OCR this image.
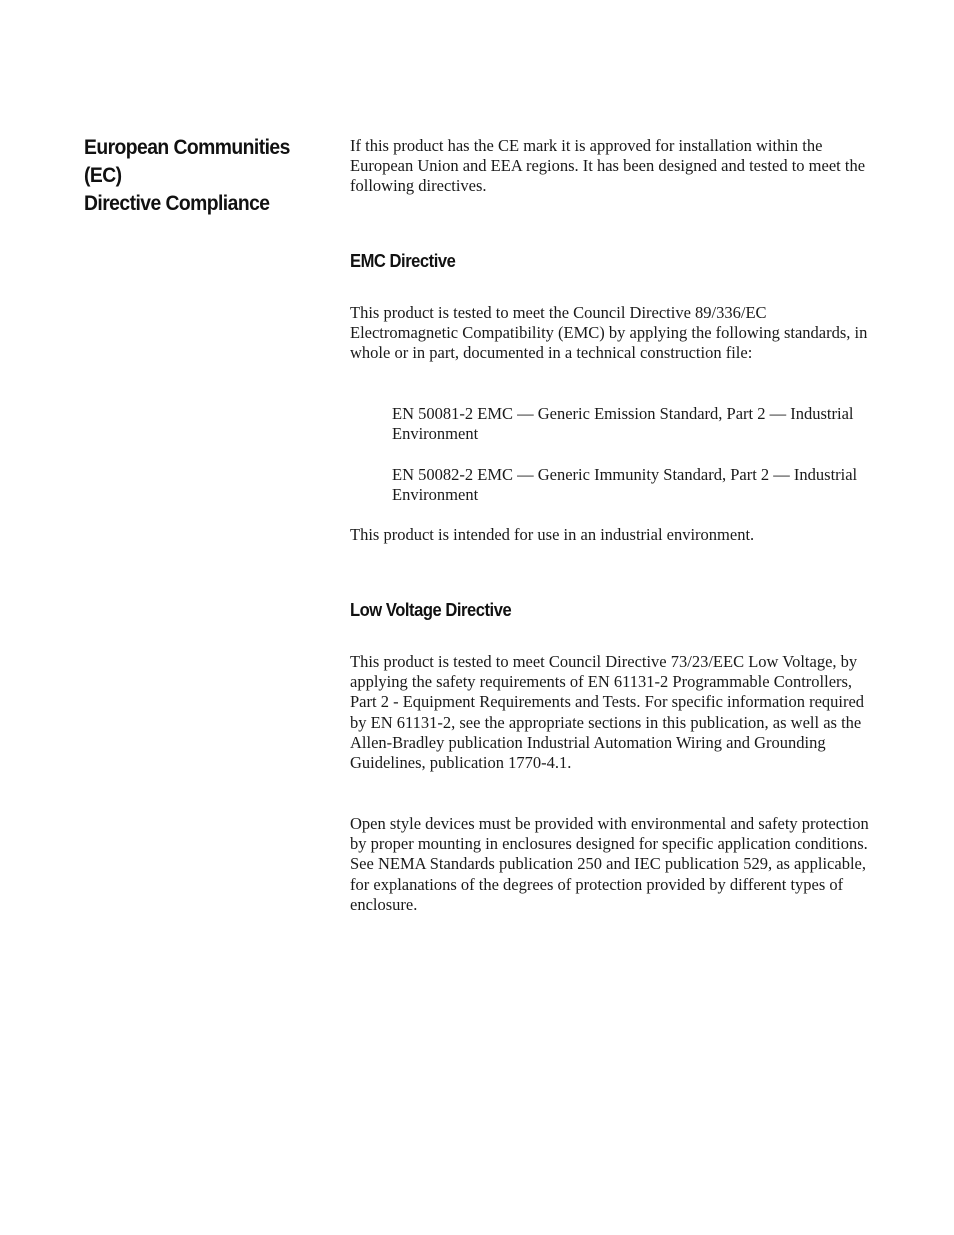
European Communities (EC)
Directive Compliance

If this product has the CE mark it is approved for installation within the European Union and EEA regions. It has been designed and tested to meet the following directives.

EMC Directive

This product is tested to meet the Council Directive 89/336/EC Electromagnetic Compatibility (EMC) by applying the following standards, in whole or in part, documented in a technical construction file:

EN 50081-2 EMC — Generic Emission Standard, Part 2 — Industrial Environment

EN 50082-2 EMC — Generic Immunity Standard, Part 2 — Industrial Environment

This product is intended for use in an industrial environment.

Low Voltage Directive

This product is tested to meet Council Directive 73/23/EEC Low Voltage, by applying the safety requirements of EN 61131-2 Programmable Controllers, Part 2 - Equipment Requirements and Tests. For specific information required by EN 61131-2, see the appropriate sections in this publication, as well as the Allen-Bradley publication Industrial Automation Wiring and Grounding Guidelines, publication 1770-4.1.

Open style devices must be provided with environmental and safety protection by proper mounting in enclosures designed for specific application conditions. See NEMA Standards publication 250 and IEC publication 529, as applicable, for explanations of the degrees of protection provided by different types of enclosure.
